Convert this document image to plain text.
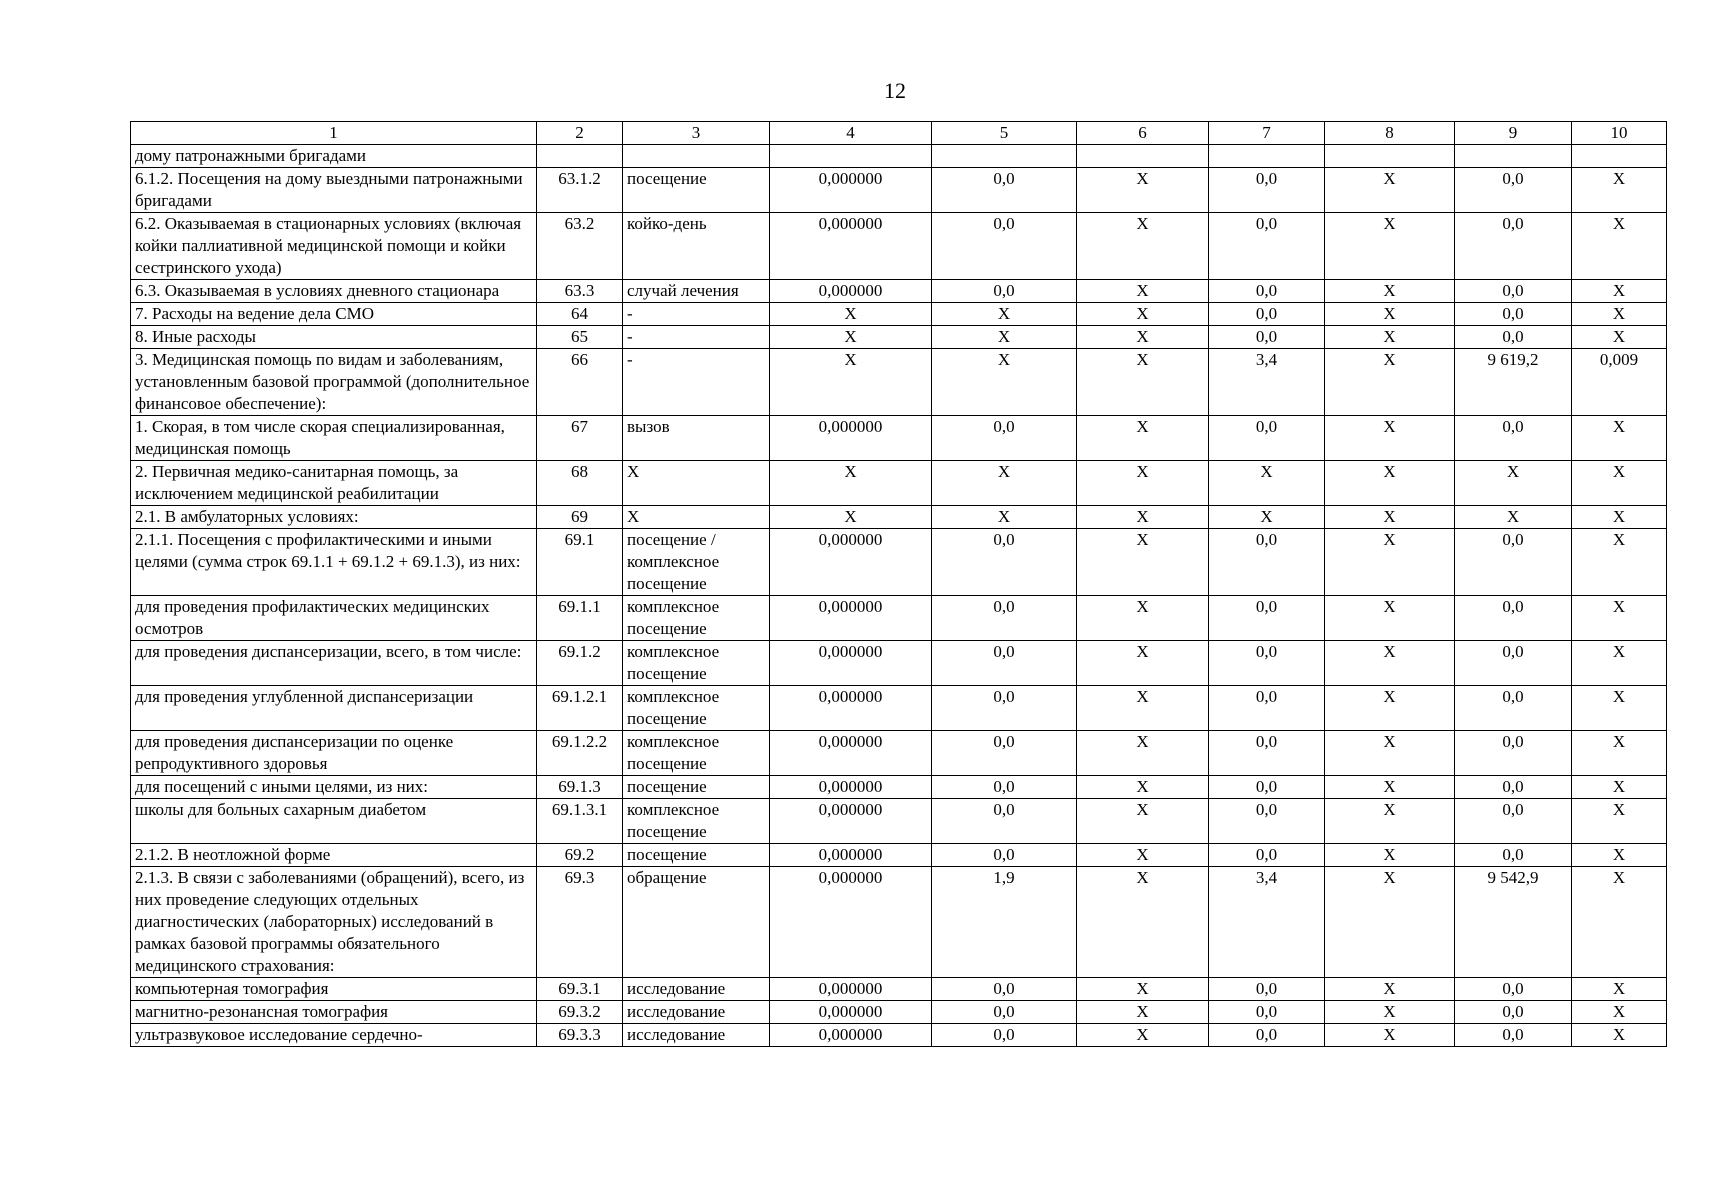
12
1	2	3	4	5	6	7	8	9	10
дому патронажными бригадами									
6.1.2. Посещения на дому выездными патронажными бригадами	63.1.2	посещение	0,000000	0,0	X	0,0	X	0,0	X
6.2. Оказываемая в стационарных условиях (включая койки паллиативной медицинской помощи и койки сестринского ухода)	63.2	койко-день	0,000000	0,0	X	0,0	X	0,0	X
6.3. Оказываемая в условиях дневного стационара	63.3	случай лечения	0,000000	0,0	X	0,0	X	0,0	X
7. Расходы на ведение дела СМО	64	-	X	X	X	0,0	X	0,0	X
8. Иные расходы	65	-	X	X	X	0,0	X	0,0	X
3. Медицинская помощь по видам и заболеваниям, установленным базовой программой (дополнительное финансовое обеспечение):	66	-	X	X	X	3,4	X	9 619,2	0,009
1. Скорая, в том числе скорая специализированная, медицинская помощь	67	вызов	0,000000	0,0	X	0,0	X	0,0	X
2. Первичная медико-санитарная помощь, за исключением медицинской реабилитации	68	X	X	X	X	X	X	X	X
2.1. В амбулаторных условиях:	69	X	X	X	X	X	X	X	X
2.1.1. Посещения с профилактическими и иными целями (сумма строк 69.1.1 + 69.1.2 + 69.1.3), из них:	69.1	посещение / комплексное посещение	0,000000	0,0	X	0,0	X	0,0	X
для проведения профилактических медицинских осмотров	69.1.1	комплексное посещение	0,000000	0,0	X	0,0	X	0,0	X
для проведения диспансеризации, всего, в том числе:	69.1.2	комплексное посещение	0,000000	0,0	X	0,0	X	0,0	X
для проведения углубленной диспансеризации	69.1.2.1	комплексное посещение	0,000000	0,0	X	0,0	X	0,0	X
для проведения диспансеризации по оценке репродуктивного здоровья	69.1.2.2	комплексное посещение	0,000000	0,0	X	0,0	X	0,0	X
для посещений с иными целями, из них:	69.1.3	посещение	0,000000	0,0	X	0,0	X	0,0	X
школы для больных сахарным диабетом	69.1.3.1	комплексное посещение	0,000000	0,0	X	0,0	X	0,0	X
2.1.2. В неотложной форме	69.2	посещение	0,000000	0,0	X	0,0	X	0,0	X
2.1.3. В связи с заболеваниями (обращений), всего, из них проведение следующих отдельных диагностических (лабораторных) исследований в рамках базовой программы обязательного медицинского страхования:	69.3	обращение	0,000000	1,9	X	3,4	X	9 542,9	X
компьютерная томография	69.3.1	исследование	0,000000	0,0	X	0,0	X	0,0	X
магнитно-резонансная томография	69.3.2	исследование	0,000000	0,0	X	0,0	X	0,0	X
ультразвуковое исследование сердечно-	69.3.3	исследование	0,000000	0,0	X	0,0	X	0,0	X
